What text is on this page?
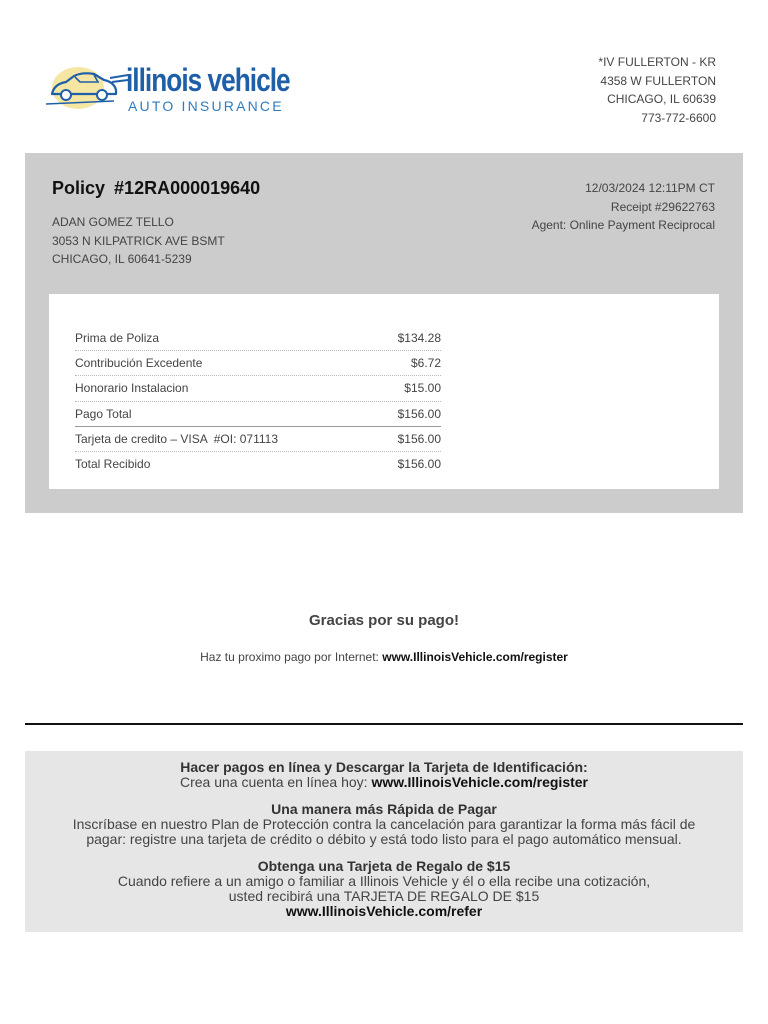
illinois vehicle
AUTO INSURANCE
*IV FULLERTON - KR
4358 W FULLERTON
CHICAGO, IL 60639
773-772-6600
Policy #12RA000019640
ADAN GOMEZ TELLO
3053 N KILPATRICK AVE BSMT
CHICAGO, IL 60641-5239
12/03/2024 12:11PM CT
Receipt #29622763
Agent: Online Payment Reciprocal
Prima de Poliza	$134.28
Contribución Excedente	$6.72
Honorario Instalacion	$15.00
Pago Total	$156.00
Tarjeta de credito – VISA  #OI: 071113	$156.00
Total Recibido	$156.00
Gracias por su pago!
Haz tu proximo pago por Internet: www.IllinoisVehicle.com/register
Hacer pagos en línea y Descargar la Tarjeta de Identificación:
Crea una cuenta en línea hoy: www.IllinoisVehicle.com/register
Una manera más Rápida de Pagar
Inscríbase en nuestro Plan de Protección contra la cancelación para garantizar la forma más fácil de
pagar: registre una tarjeta de crédito o débito y está todo listo para el pago automático mensual.
Obtenga una Tarjeta de Regalo de $15
Cuando refiere a un amigo o familiar a Illinois Vehicle y él o ella recibe una cotización,
usted recibirá una TARJETA DE REGALO DE $15
www.IllinoisVehicle.com/refer
